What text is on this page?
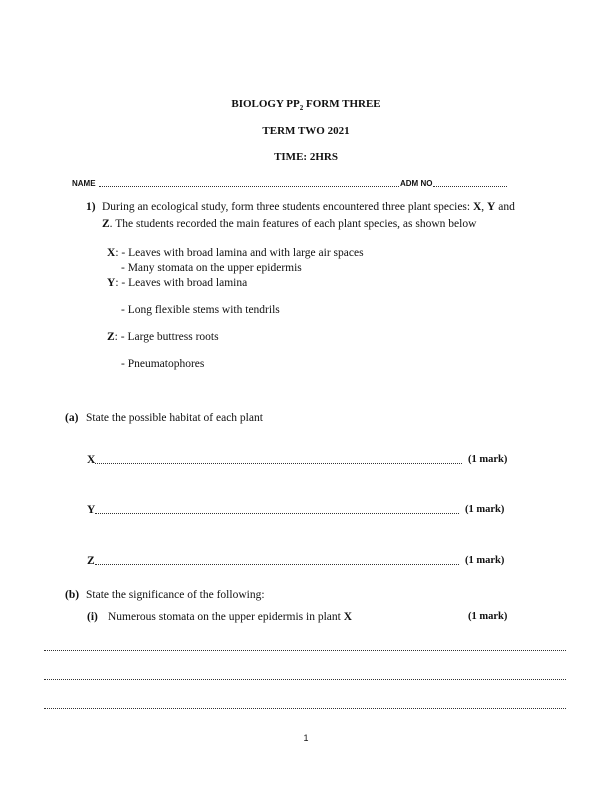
BIOLOGY $PP_2$ FORM THREE
TERM TWO 2021
TIME: 2HRS
NAME	ADM NO
1) During an ecological study, form three students encountered three plant species: X, Y and
Z. The students recorded the main features of each plant species, as shown below
X: - Leaves with broad lamina and with large air spaces
- Many stomata on the upper epidermis
Y: - Leaves with broad lamina
- Long flexible stems with tendrils
Z: - Large buttress roots
- Pneumatophores
(a) State the possible habitat of each plant
X	(1 mark)
Y	(1 mark)
Z	(1 mark)
(b) State the significance of the following:
(i) Numerous stomata on the upper epidermis in plant X	(1 mark)
1
